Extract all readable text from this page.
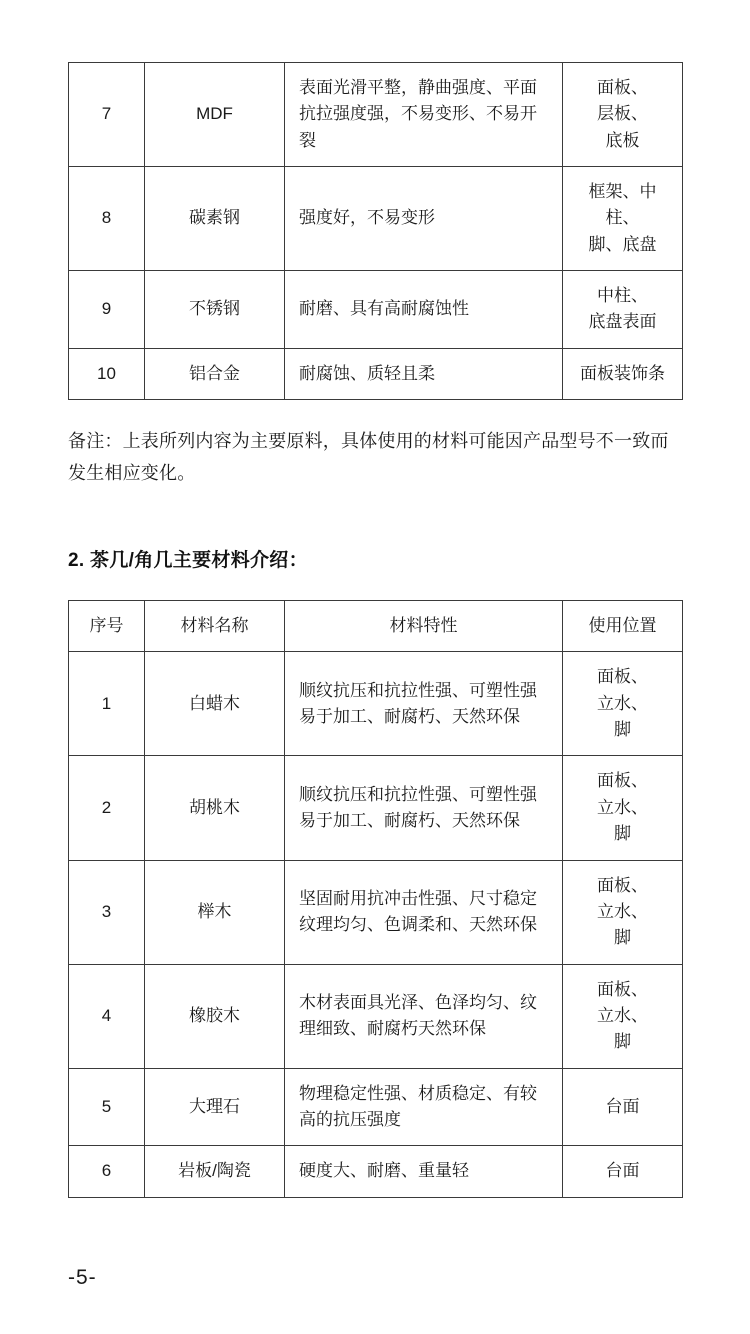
7	MDF	表面光滑平整，静曲强度、平面抗拉强度强，不易变形、不易开裂	面板、
层板、
底板
8	碳素钢	强度好，不易变形	框架、中柱、
脚、底盘
9	不锈钢	耐磨、具有高耐腐蚀性	中柱、
底盘表面
10	铝合金	耐腐蚀、质轻且柔	面板装饰条

备注：上表所列内容为主要原料，具体使用的材料可能因产品型号不一致而发生相应变化。

2. 茶几/角几主要材料介绍：
序号	材料名称	材料特性	使用位置
1	白蜡木	顺纹抗压和抗拉性强、可塑性强易于加工、耐腐朽、天然环保	面板、
立水、
脚
2	胡桃木	顺纹抗压和抗拉性强、可塑性强易于加工、耐腐朽、天然环保	面板、
立水、
脚
3	榉木	坚固耐用抗冲击性强、尺寸稳定纹理均匀、色调柔和、天然环保	面板、
立水、
脚
4	橡胶木	木材表面具光泽、色泽均匀、纹理细致、耐腐朽天然环保	面板、
立水、
脚
5	大理石	物理稳定性强、材质稳定、有较高的抗压强度	台面
6	岩板/陶瓷	硬度大、耐磨、重量轻	台面
-5-
